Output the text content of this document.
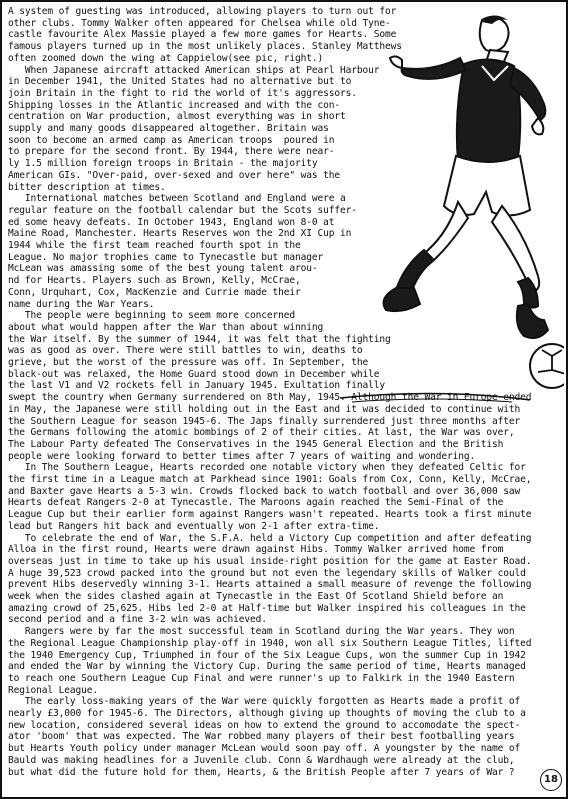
A system of guesting was introduced, allowing players to turn out for

other clubs. Tommy Walker often appeared for Chelsea while old Tyne-

castle favourite Alex Massie played a few more games for Hearts. Some

famous players turned up in the most unlikely places. Stanley Matthews

often zoomed down the wing at Cappielow(see pic, right.)

When Japanese aircraft attacked American ships at Pearl Harbour

in December 1941, the United States had no alternative but to

join Britain in the fight to rid the world of it's aggressors.

Shipping losses in the Atlantic increased and with the con-

centration on War production, almost everything was in short

supply and many goods disappeared altogether. Britain was

soon to become an armed camp as American troops  poured in

to prepare for the second front. By 1944, there were near-

ly 1.5 million foreign troops in Britain - the majority

American GIs. "Over-paid, over-sexed and over here" was the

bitter description at times.

International matches between Scotland and England were a

regular feature on the football calendar but the Scots suffer-

ed some heavy defeats. In October 1943, England won 8-0 at

Maine Road, Manchester. Hearts Reserves won the 2nd XI Cup in

1944 while the first team reached fourth spot in the

League. No major trophies came to Tynecastle but manager

McLean was amassing some of the best young talent arou-

nd for Hearts. Players such as Brown, Kelly, McCrae,

Conn, Urquhart, Cox, MacKenzie and Currie made their

name during the War Years.

The people were beginning to seem more concerned

about what would happen after the War than about winning

the War itself. By the summer of 1944, it was felt that the fighting

was as good as over. There were still battles to win, deaths to

grieve, but the worst of the pressure was off. In September, the

black-out was relaxed, the Home Guard stood down in December while

the last V1 and V2 rockets fell in January 1945. Exultation finally

swept the country when Germany surrendered on 8th May, 1945. Although the War in Europe ended

in May, the Japanese were still holding out in the East and it was decided to continue with

the Southern League for season 1945-6. The Japs finally surrendered just three months after

the Germans following the atomic bombings of 2 of their cities. At last, the War was over,

The Labour Party defeated The Conservatives in the 1945 General Election and the British

people were looking forward to better times after 7 years of waiting and wondering.

In The Southern League, Hearts recorded one notable victory when they defeated Celtic for

the first time in a League match at Parkhead since 1901: Goals from Cox, Conn, Kelly, McCrae,

and Baxter gave Hearts a 5-3 win. Crowds flocked back to watch football and over 36,000 saw

Hearts defeat Rangers 2-0 at Tynecastle. The Maroons again reached the Semi-Final of the

League Cup but their earlier form against Rangers wasn't repeated. Hearts took a first minute

lead but Rangers hit back and eventually won 2-1 after extra-time.

To celebrate the end of War, the S.F.A. held a Victory Cup competition and after defeating

Alloa in the first round, Hearts were drawn against Hibs. Tommy Walker arrived home from

overseas just in time to take up his usual inside-right position for the game at Easter Road.

A huge 39,523 crowd packed into the ground but not even the legendary skills of Walker could

prevent Hibs deservedly winning 3-1. Hearts attained a small measure of revenge the following

week when the sides clashed again at Tynecastle in the East Of Scotland Shield before an

amazing crowd of 25,625. Hibs led 2-0 at Half-time but Walker inspired his colleagues in the

second period and a fine 3-2 win was achieved.

Rangers were by far the most successful team in Scotland during the War years. They won

the Regional League Championship play-off in 1940, won all six Southern League Titles, lifted

the 1940 Emergency Cup, Triumphed in four of the Six League Cups, won the summer Cup in 1942

and ended the War by winning the Victory Cup. During the same period of time, Hearts managed

to reach one Southern League Cup Final and were runner's up to Falkirk in the 1940 Eastern

Regional League.

The early loss-making years of the War were quickly forgotten as Hearts made a profit of

nearly £3,000 for 1945-6. The Directors, although giving up thoughts of moving the club to a

new location, considered several ideas on how to extend the ground to accomodate the spect-

ator 'boom' that was expected. The War robbed many players of their best footballing years

but Hearts Youth policy under manager McLean would soon pay off. A youngster by the name of

Bauld was making headlines for a Juvenile club. Conn & Wardhaugh were already at the club,

but what did the future hold for them, Hearts, & the British People after 7 years of War ?

18
